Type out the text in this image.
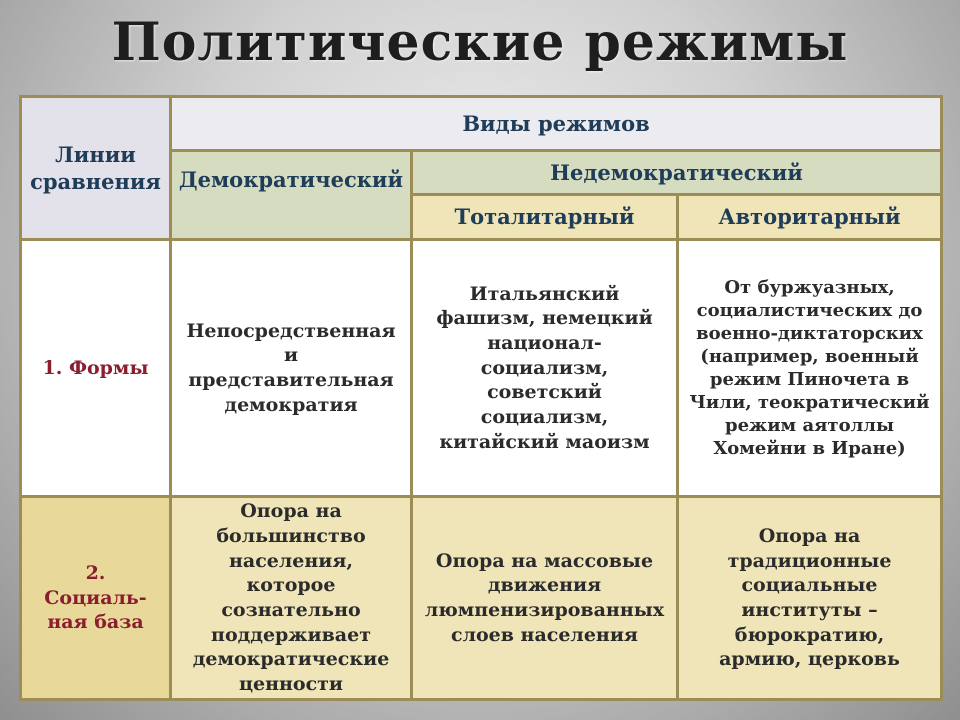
Политические режимы
Линии сравнения
Виды режимов
Демократический	Недемократический
Тоталитарный	Авторитарный
1. Формы
Непосредственная и представительная демократия
Итальянский фашизм, немецкий национал-социализм, советский социализм, китайский маоизм
От буржуазных, социалистических до военно-диктаторских (например, военный режим Пиночета в Чили, теократический режим аятоллы Хомейни в Иране)
2. Социаль-ная база
Опора на большинство населения, которое сознательно поддерживает демократические ценности
Опора на массовые движения люмпенизированных слоев населения
Опора на традиционные социальные институты – бюрократию, армию, церковь
